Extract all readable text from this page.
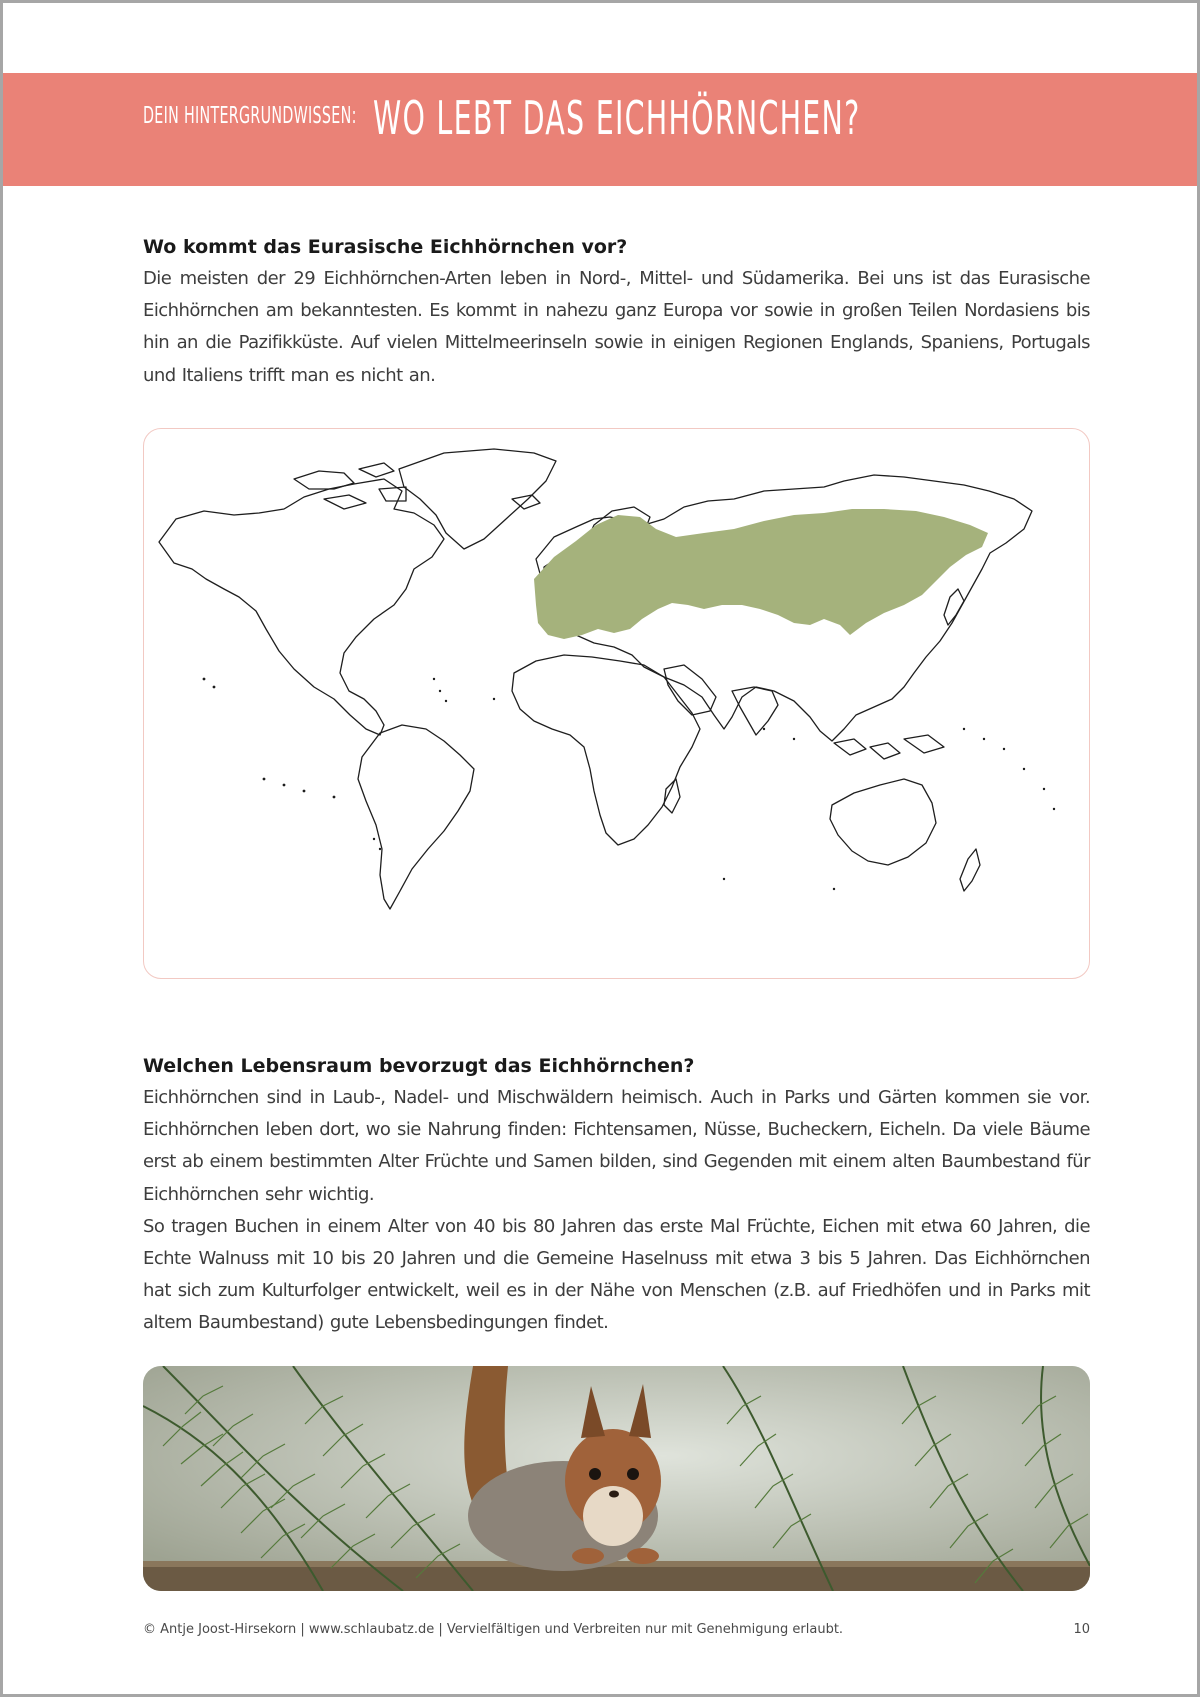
DEIN HINTERGRUNDWISSEN: WO LEBT DAS EICHHÖRNCHEN?

Wo kommt das Eurasische Eichhörnchen vor?

Die meisten der 29 Eichhörnchen-Arten leben in Nord-, Mittel- und Südamerika. Bei uns ist das Eurasische Eichhörnchen am bekanntesten. Es kommt in nahezu ganz Europa vor sowie in großen Teilen Nordasiens bis hin an die Pazifikküste. Auf vielen Mittelmeerinseln sowie in einigen Regionen Englands, Spaniens, Portugals und Italiens trifft man es nicht an.

Welchen Lebensraum bevorzugt das Eichhörnchen?

Eichhörnchen sind in Laub-, Nadel- und Mischwäldern heimisch. Auch in Parks und Gärten kommen sie vor. Eichhörnchen leben dort, wo sie Nahrung finden: Fichtensamen, Nüsse, Bucheckern, Eicheln. Da viele Bäume erst ab einem bestimmten Alter Früchte und Samen bilden, sind Gegenden mit einem alten Baumbestand für Eichhörnchen sehr wichtig.

So tragen Buchen in einem Alter von 40 bis 80 Jahren das erste Mal Früchte, Eichen mit etwa 60 Jahren, die Echte Walnuss mit 10 bis 20 Jahren und die Gemeine Haselnuss mit etwa 3 bis 5 Jahren. Das Eichhörnchen hat sich zum Kulturfolger entwickelt, weil es in der Nähe von Menschen (z.B. auf Friedhöfen und in Parks mit altem Baumbestand) gute Lebensbedingungen findet.

© Antje Joost-Hirsekorn | www.schlaubatz.de | Vervielfältigen und Verbreiten nur mit Genehmigung erlaubt.	10
